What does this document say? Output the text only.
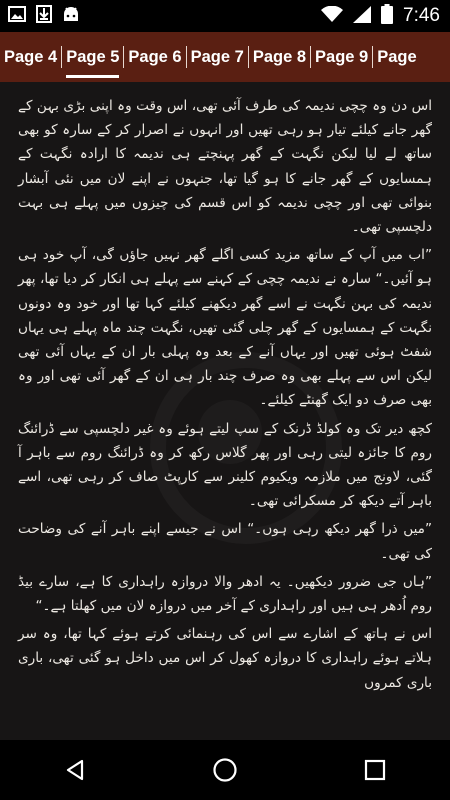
7:46
Page 4 Page 5 Page 6 Page 7 Page 8 Page 9 Page

اس دن وہ چچی ندیمہ کی طرف آئی تھی، اس وقت وہ اپنی بڑی بہن کے گھر جانے کیلئے تیار ہو رہی تھیں اور انہوں نے اصرار کر کے سارہ کو بھی ساتھ لے لیا لیکن نگہت کے گھر پہنچتے ہی ندیمہ کا ارادہ نگہت کے ہمسایوں کے گھر جانے کا ہو گیا تھا، جنہوں نے اپنے لان میں نئی آبشار بنوائی تھی اور چچی ندیمہ کو اس قسم کی چیزوں میں پہلے ہی بہت دلچسپی تھی۔

”اب میں آپ کے ساتھ مزید کسی اگلے گھر نہیں جاؤں گی، آپ خود ہی ہو آئیں۔“ سارہ نے ندیمہ چچی کے کہنے سے پہلے ہی انکار کر دیا تھا، پھر ندیمہ کی بہن نگہت نے اسے گھر دیکھنے کیلئے کہا تھا اور خود وہ دونوں نگہت کے ہمسایوں کے گھر چلی گئی تھیں، نگہت چند ماہ پہلے ہی یہاں شفٹ ہوئی تھیں اور یہاں آنے کے بعد وہ پہلی بار ان کے یہاں آئی تھی لیکن اس سے پہلے بھی وہ صرف چند بار ہی ان کے گھر آئی تھی اور وہ بھی صرف دو ایک گھنٹے کیلئے۔

کچھ دیر تک وہ کولڈ ڈرنک کے سپ لیتے ہوئے وہ غیر دلچسپی سے ڈرائنگ روم کا جائزہ لیتی رہی اور پھر گلاس رکھ کر وہ ڈرائنگ روم سے باہر آ گئی، لاونج میں ملازمہ ویکیوم کلینر سے کارپٹ صاف کر رہی تھی، اسے باہر آتے دیکھ کر مسکرائی تھی۔

”میں ذرا گھر دیکھ رہی ہوں۔“ اس نے جیسے اپنے باہر آنے کی وضاحت کی تھی۔

”ہاں جی ضرور دیکھیں۔ یہ ادھر والا دروازہ راہداری کا ہے، سارے بیڈ روم اُدھر ہی ہیں اور راہداری کے آخر میں دروازہ لان میں کھلتا ہے۔“

اس نے ہاتھ کے اشارے سے اس کی رہنمائی کرتے ہوئے کہا تھا، وہ سر ہلاتے ہوئے راہداری کا دروازہ کھول کر اس میں داخل ہو گئی تھی، باری باری کمروں
